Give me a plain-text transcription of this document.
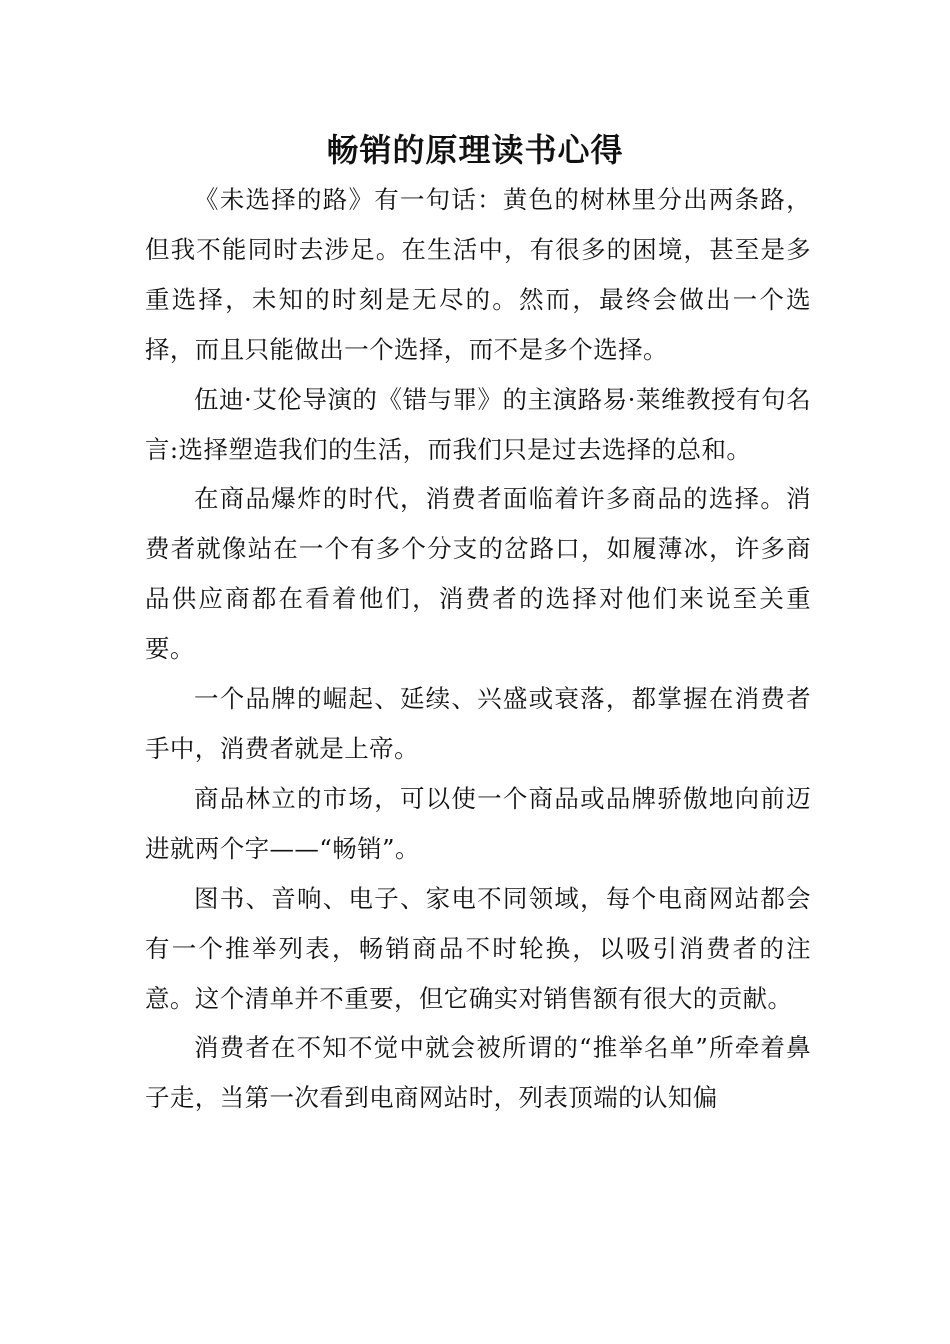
畅销的原理读书心得

《未选择的路》有一句话：黄色的树林里分出两条路，但我不能同时去涉足。在生活中，有很多的困境，甚至是多重选择，未知的时刻是无尽的。然而，最终会做出一个选择，而且只能做出一个选择，而不是多个选择。

伍迪·艾伦导演的《错与罪》的主演路易·莱维教授有句名言:选择塑造我们的生活，而我们只是过去选择的总和。

在商品爆炸的时代，消费者面临着许多商品的选择。消费者就像站在一个有多个分支的岔路口，如履薄冰，许多商品供应商都在看着他们，消费者的选择对他们来说至关重要。

一个品牌的崛起、延续、兴盛或衰落，都掌握在消费者手中，消费者就是上帝。

商品林立的市场，可以使一个商品或品牌骄傲地向前迈进就两个字——“畅销”。

图书、音响、电子、家电不同领域，每个电商网站都会有一个推举列表，畅销商品不时轮换，以吸引消费者的注意。这个清单并不重要，但它确实对销售额有很大的贡献。

消费者在不知不觉中就会被所谓的“推举名单”所牵着鼻子走，当第一次看到电商网站时，列表顶端的认知偏
